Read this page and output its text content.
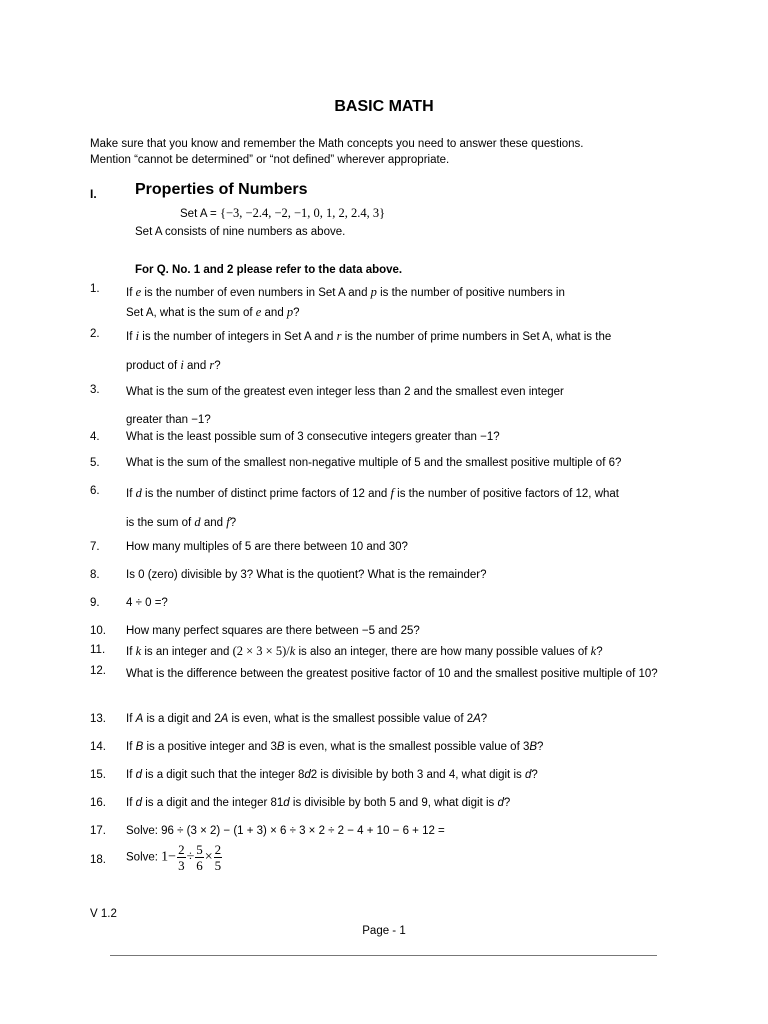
BASIC MATH

Make sure that you know and remember the Math concepts you need to answer these questions.

Mention “cannot be determined” or “not defined” wherever appropriate.

I. Properties of Numbers
Set A = {−3, −2.4, −2, −1, 0, 1, 2, 2.4, 3}
Set A consists of nine numbers as above.
For Q. No. 1 and 2 please refer to the data above.
1. If e is the number of even numbers in Set A and p is the number of positive numbers in
Set A, what is the sum of e and p?
2. If i is the number of integers in Set A and r is the number of prime numbers in Set A, what is the
product of i and r?
3. What is the sum of the greatest even integer less than 2 and the smallest even integer
greater than −1?
4. What is the least possible sum of 3 consecutive integers greater than −1?
5. What is the sum of the smallest non-negative multiple of 5 and the smallest positive multiple of 6?
6. If d is the number of distinct prime factors of 12 and f is the number of positive factors of 12, what
is the sum of d and f?
7. How many multiples of 5 are there between 10 and 30?
8. Is 0 (zero) divisible by 3? What is the quotient? What is the remainder?
9. 4 ÷ 0 =?
10. How many perfect squares are there between −5 and 25?
11. If k is an integer and (2 × 3 × 5)/k is also an integer, there are how many possible values of k?
12. What is the difference between the greatest positive factor of 10 and the smallest positive multiple of 10?
13. If A is a digit and 2A is even, what is the smallest possible value of 2A?
14. If B is a positive integer and 3B is even, what is the smallest possible value of 3B?
15. If d is a digit such that the integer 8d2 is divisible by both 3 and 4, what digit is d?
16. If d is a digit and the integer 81d is divisible by both 5 and 9, what digit is d?
17. Solve: 96 ÷ (3 × 2) − (1 + 3) × 6 ÷ 3 × 2 ÷ 2 − 4 + 10 − 6 + 12 =
18. Solve: $1- \frac{2}{3} \div \frac{5}{6} \times \frac{2}{5}$
V 1.2
Page - 1
